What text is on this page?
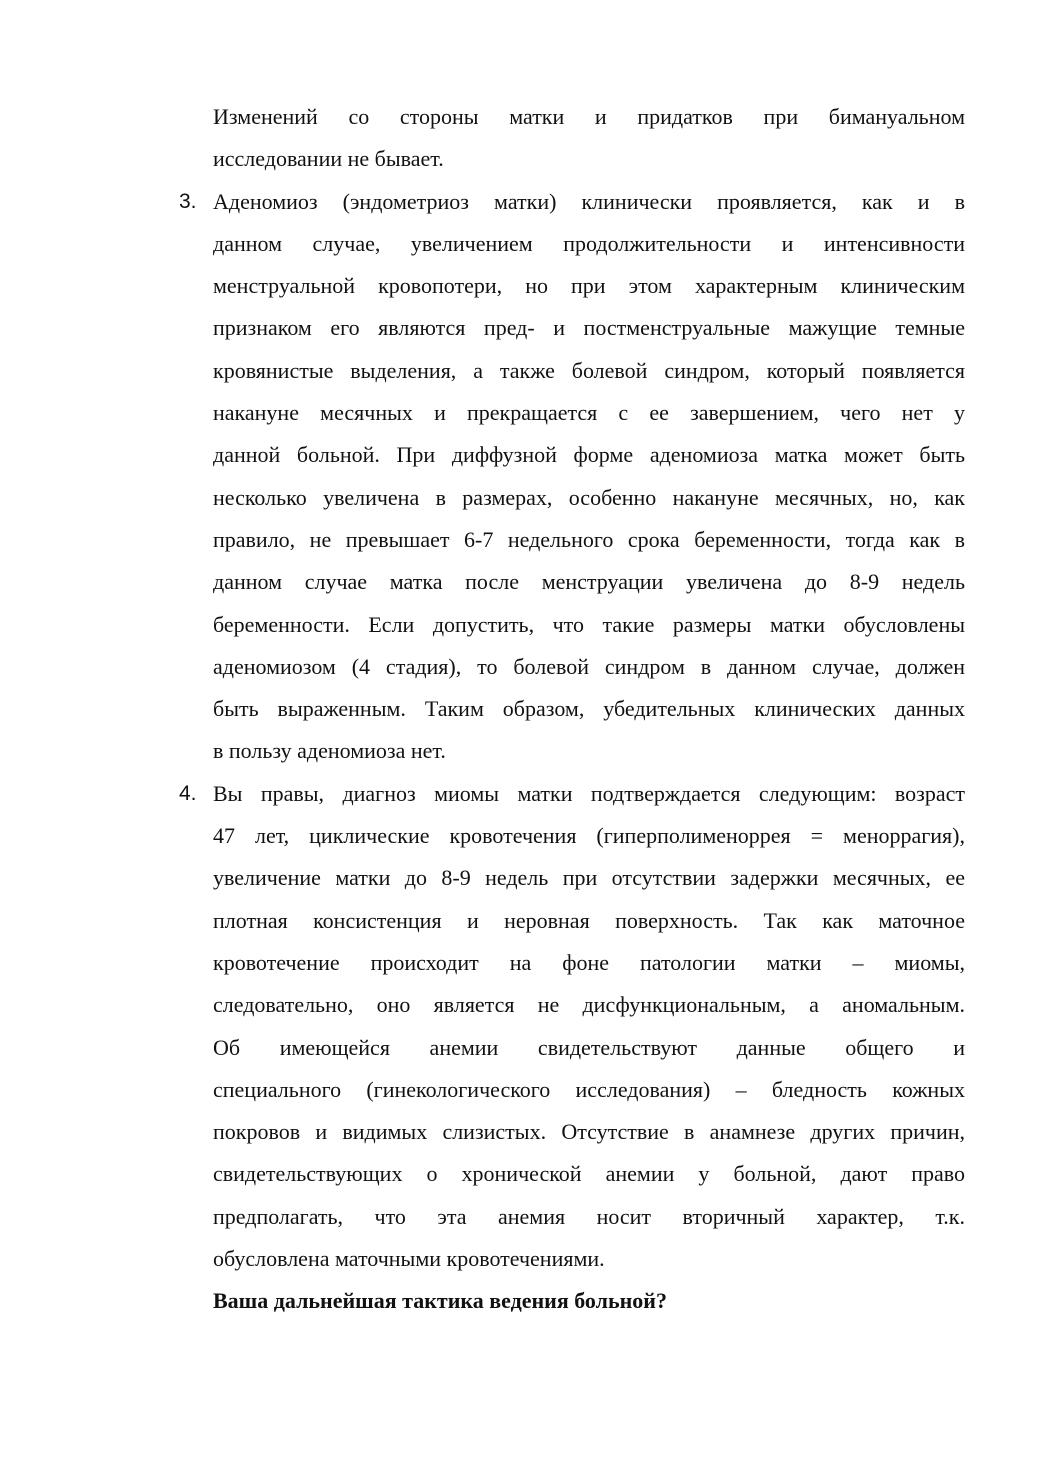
Изменений со стороны матки и придатков при бимануальном
исследовании не бывает.
3. Аденомиоз (эндометриоз матки) клинически проявляется, как и в
данном случае, увеличением продолжительности и интенсивности
менструальной кровопотери, но при этом характерным клиническим
признаком его являются пред- и постменструальные мажущие темные
кровянистые выделения, а также болевой синдром, который появляется
накануне месячных и прекращается с ее завершением, чего нет у
данной больной. При диффузной форме аденомиоза матка может быть
несколько увеличена в размерах, особенно накануне месячных, но, как
правило, не превышает 6-7 недельного срока беременности, тогда как в
данном случае матка после менструации увеличена до 8-9 недель
беременности. Если допустить, что такие размеры матки обусловлены
аденомиозом (4 стадия), то болевой синдром в данном случае, должен
быть выраженным. Таким образом, убедительных клинических данных
в пользу аденомиоза нет.
4. Вы правы, диагноз миомы матки подтверждается следующим: возраст
47 лет, циклические кровотечения (гиперполименоррея = меноррагия),
увеличение матки до 8-9 недель при отсутствии задержки месячных, ее
плотная консистенция и неровная поверхность. Так как маточное
кровотечение происходит на фоне патологии матки – миомы,
следовательно, оно является не дисфункциональным, а аномальным.
Об имеющейся анемии свидетельствуют данные общего и
специального (гинекологического исследования) – бледность кожных
покровов и видимых слизистых. Отсутствие в анамнезе других причин,
свидетельствующих о хронической анемии у больной, дают право
предполагать, что эта анемия носит вторичный характер, т.к.
обусловлена маточными кровотечениями.
Ваша дальнейшая тактика ведения больной?
